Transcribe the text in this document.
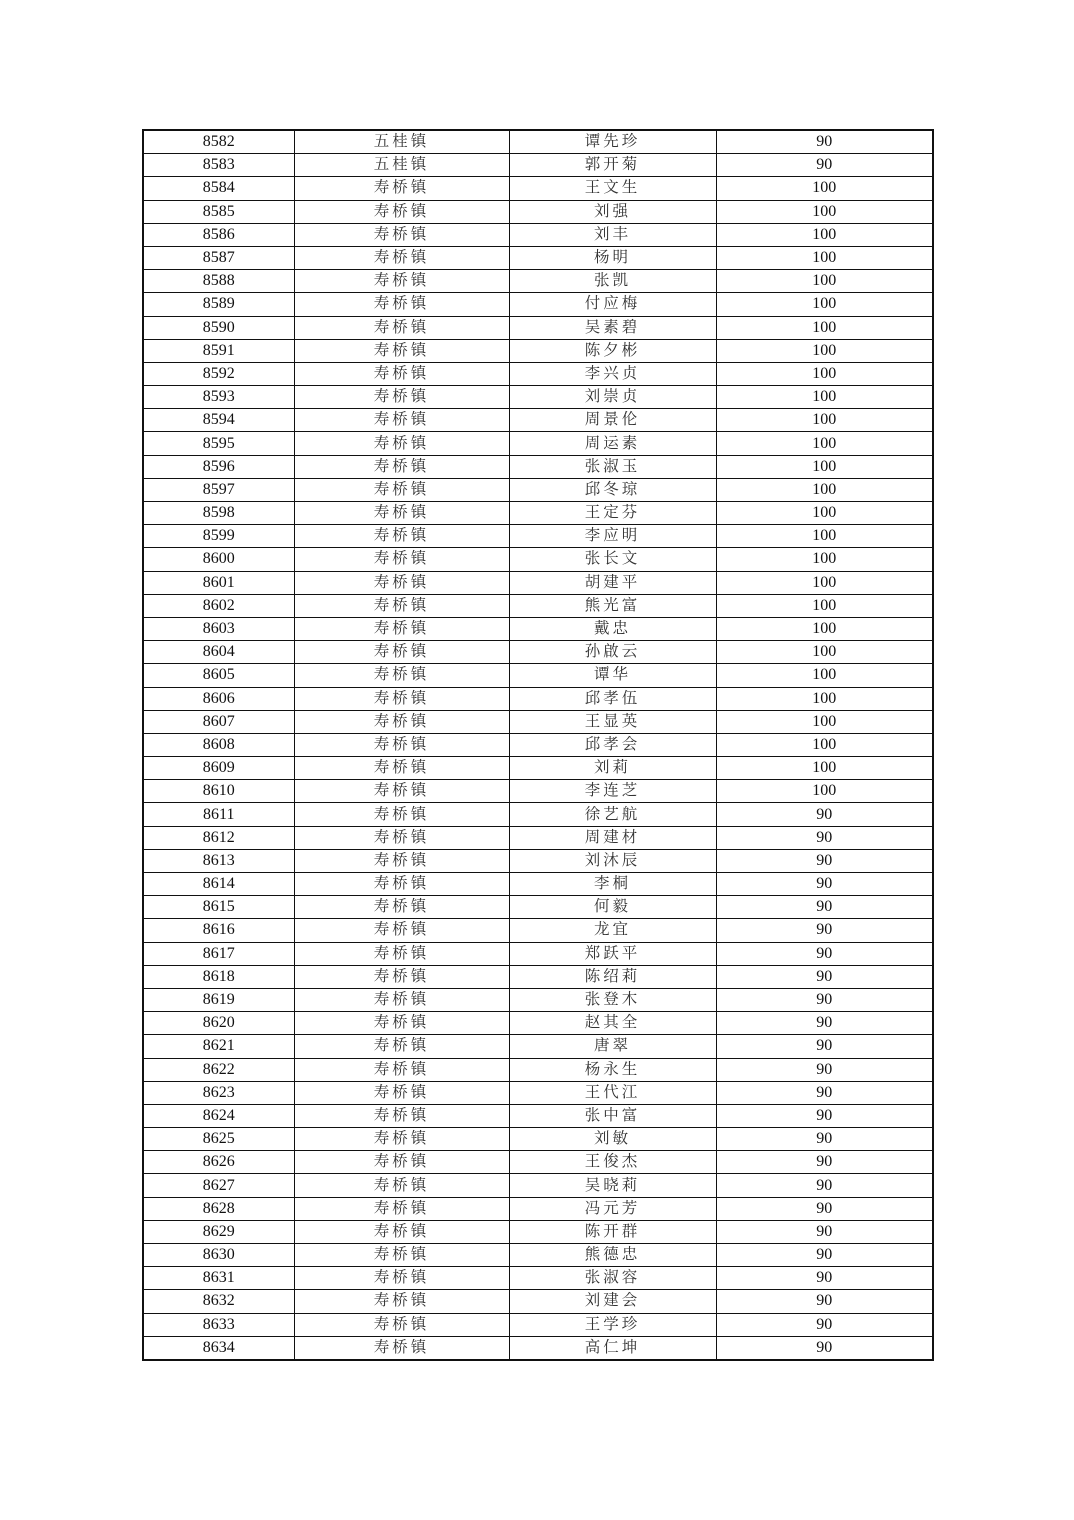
8582	五桂镇	谭先珍	90
8583	五桂镇	郭开菊	90
8584	寿桥镇	王文生	100
8585	寿桥镇	刘强	100
8586	寿桥镇	刘丰	100
8587	寿桥镇	杨明	100
8588	寿桥镇	张凯	100
8589	寿桥镇	付应梅	100
8590	寿桥镇	吴素碧	100
8591	寿桥镇	陈夕彬	100
8592	寿桥镇	李兴贞	100
8593	寿桥镇	刘崇贞	100
8594	寿桥镇	周景伦	100
8595	寿桥镇	周运素	100
8596	寿桥镇	张淑玉	100
8597	寿桥镇	邱冬琼	100
8598	寿桥镇	王定芬	100
8599	寿桥镇	李应明	100
8600	寿桥镇	张长文	100
8601	寿桥镇	胡建平	100
8602	寿桥镇	熊光富	100
8603	寿桥镇	戴忠	100
8604	寿桥镇	孙啟云	100
8605	寿桥镇	谭华	100
8606	寿桥镇	邱孝伍	100
8607	寿桥镇	王显英	100
8608	寿桥镇	邱孝会	100
8609	寿桥镇	刘莉	100
8610	寿桥镇	李连芝	100
8611	寿桥镇	徐艺航	90
8612	寿桥镇	周建材	90
8613	寿桥镇	刘沐辰	90
8614	寿桥镇	李桐	90
8615	寿桥镇	何毅	90
8616	寿桥镇	龙宜	90
8617	寿桥镇	郑跃平	90
8618	寿桥镇	陈绍莉	90
8619	寿桥镇	张登木	90
8620	寿桥镇	赵其全	90
8621	寿桥镇	唐翠	90
8622	寿桥镇	杨永生	90
8623	寿桥镇	王代江	90
8624	寿桥镇	张中富	90
8625	寿桥镇	刘敏	90
8626	寿桥镇	王俊杰	90
8627	寿桥镇	吴晓莉	90
8628	寿桥镇	冯元芳	90
8629	寿桥镇	陈开群	90
8630	寿桥镇	熊德忠	90
8631	寿桥镇	张淑容	90
8632	寿桥镇	刘建会	90
8633	寿桥镇	王学珍	90
8634	寿桥镇	高仁坤	90
